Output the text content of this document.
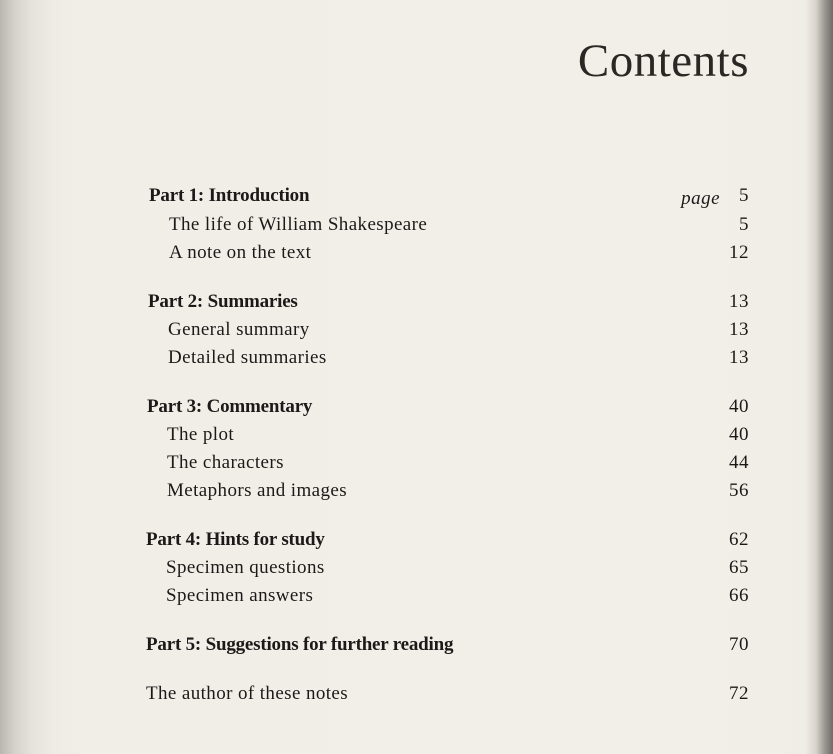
Contents
Part 1: Introduction	page 5
The life of William Shakespeare	5
A note on the text	12
Part 2: Summaries	13
General summary	13
Detailed summaries	13
Part 3: Commentary	40
The plot	40
The characters	44
Metaphors and images	56
Part 4: Hints for study	62
Specimen questions	65
Specimen answers	66
Part 5: Suggestions for further reading	70
The author of these notes	72
